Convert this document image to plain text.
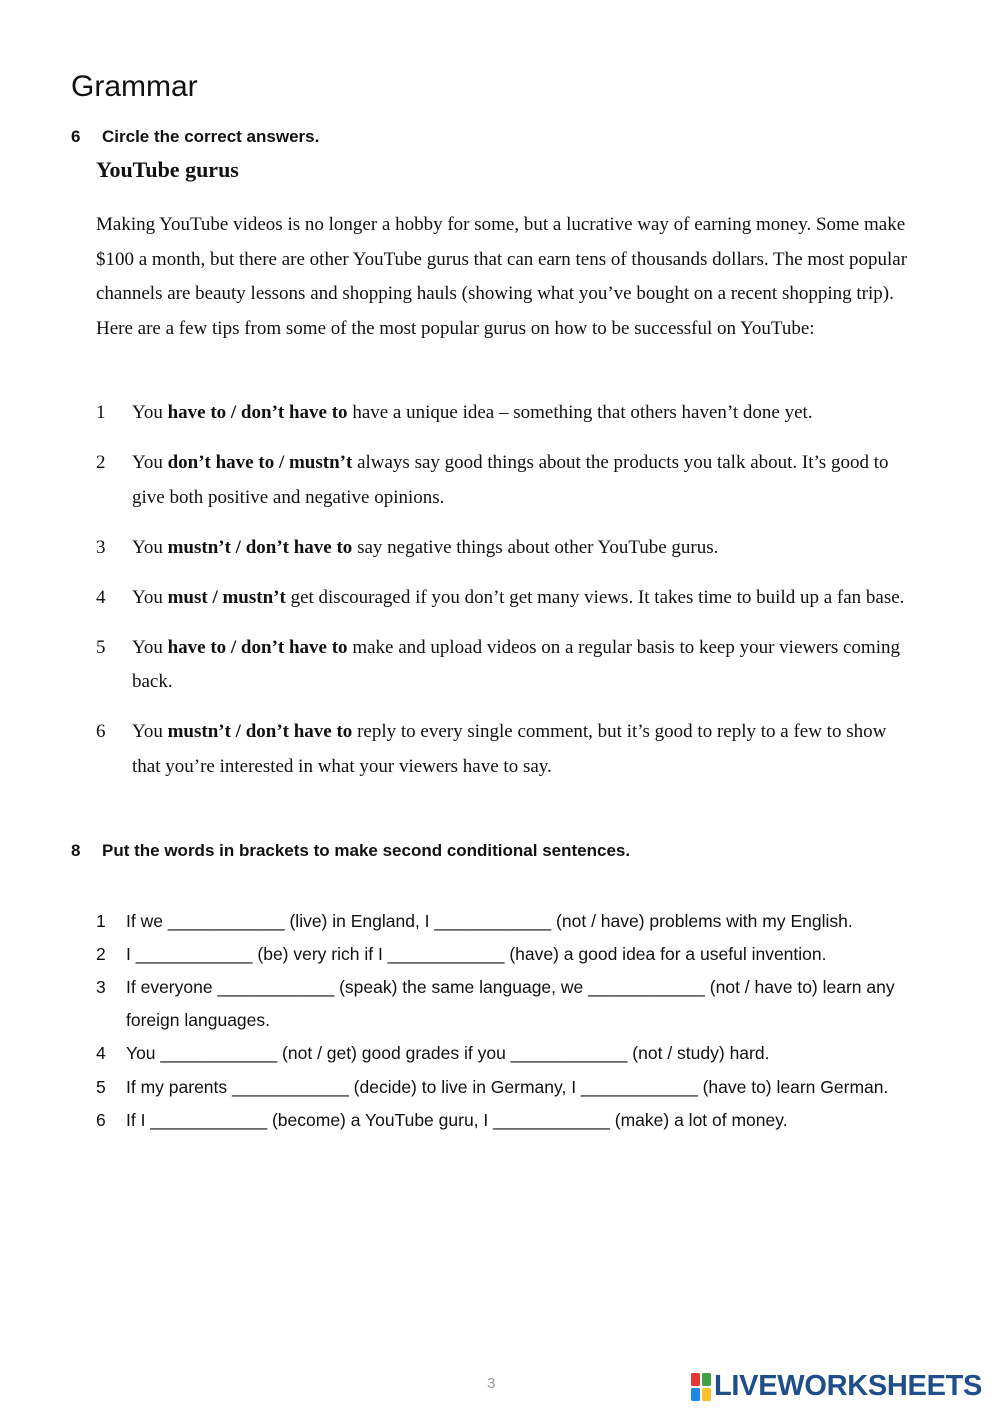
Grammar
6 Circle the correct answers.
YouTube gurus

Making YouTube videos is no longer a hobby for some, but a lucrative way of earning money. Some make $100 a month, but there are other YouTube gurus that can earn tens of thousands dollars. The most popular channels are beauty lessons and shopping hauls (showing what you’ve bought on a recent shopping trip). Here are a few tips from some of the most popular gurus on how to be successful on YouTube:

1 You have to / don’t have to have a unique idea – something that others haven’t done yet.
2 You don’t have to / mustn’t always say good things about the products you talk about. It’s good to give both positive and negative opinions.
3 You mustn’t / don’t have to say negative things about other YouTube gurus.
4 You must / mustn’t get discouraged if you don’t get many views. It takes time to build up a fan base.
5 You have to / don’t have to make and upload videos on a regular basis to keep your viewers coming back.
6 You mustn’t / don’t have to reply to every single comment, but it’s good to reply to a few to show that you’re interested in what your viewers have to say.
8 Put the words in brackets to make second conditional sentences.
1 If we ____________ (live) in England, I ____________ (not / have) problems with my English.
2 I ____________ (be) very rich if I ____________ (have) a good idea for a useful invention.
3 If everyone ____________ (speak) the same language, we ____________ (not / have to) learn any foreign languages.
4 You ____________ (not / get) good grades if you ____________ (not / study) hard.
5 If my parents ____________ (decide) to live in Germany, I ____________ (have to) learn German.
6 If I ____________ (become) a YouTube guru, I ____________ (make) a lot of money.
3	LIVEWORKSHEETS
